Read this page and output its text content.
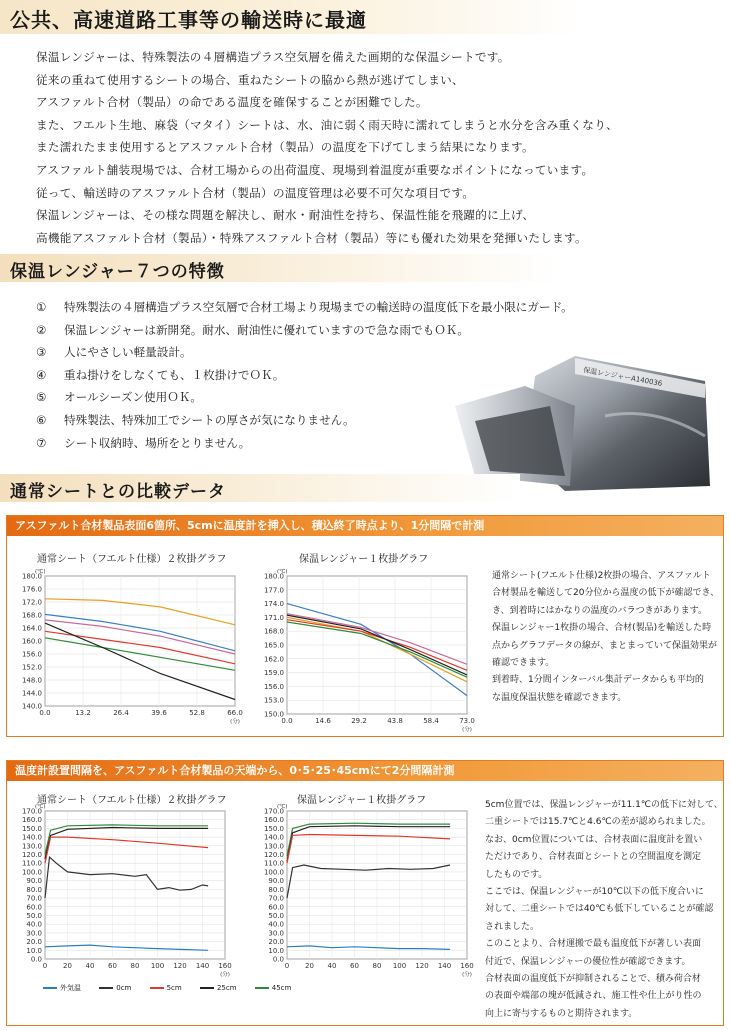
公共、高速道路工事等の輸送時に最適
保温レンジャーは、特殊製法の４層構造プラス空気層を備えた画期的な保温シートです。
従来の重ねて使用するシートの場合、重ねたシートの脇から熱が逃げてしまい、
アスファルト合材（製品）の命である温度を確保することが困難でした。
また、フエルト生地、麻袋（マタイ）シートは、水、油に弱く雨天時に濡れてしまうと水分を含み重くなり、
また濡れたまま使用するとアスファルト合材（製品）の温度を下げてしまう結果になります。
アスファルト舗装現場では、合材工場からの出荷温度、現場到着温度が重要なポイントになっています。
従って、輸送時のアスファルト合材（製品）の温度管理は必要不可欠な項目です。
保温レンジャーは、その様な問題を解決し、耐水・耐油性を持ち、保温性能を飛躍的に上げ、
高機能アスファルト合材（製品）・特殊アスファルト合材（製品）等にも優れた効果を発揮いたします。
保温レンジャー７つの特徴
① 特殊製法の４層構造プラス空気層で合材工場より現場までの輸送時の温度低下を最小限にガード。
② 保温レンジャーは新開発。耐水、耐油性に優れていますので急な雨でもＯＫ。
③ 人にやさしい軽量設計。
④ 重ね掛けをしなくても、１枚掛けでＯＫ。
⑤ オールシーズン使用ＯＫ。
⑥ 特殊製法、特殊加工でシートの厚さが気になりません。
⑦ シート収納時、場所をとりません。
保温レンジャーA140036
通常シートとの比較データ
アスファルト合材製品表面6箇所、5cmに温度計を挿入し、積込終了時点より、1分間隔で計測
通常シート（フエルト仕様）２枚掛グラフ	保温レンジャー１枚掛グラフ
180.0
176.0
172.0
168.0
164.0
160.0
156.0
152.0
148.0
144.0
140.0
0.0	13.2	26.4	39.6	52.8	66.0
(℃)
(分)
180.0
177.0
174.0
171.0
168.0
165.0
162.0
159.0
156.0
153.0
150.0
0.0	14.6	29.2	43.8	58.4	73.0
(℃)
(分)
通常シート(フエルト仕様)2枚掛の場合、アスファルト
合材製品を輸送して20分位から温度の低下が確認でき、
き、到着時にはかなりの温度のバラつきがあります。
保温レンジャー1枚掛の場合、合材(製品)を輸送した時
点からグラフデータの線が、まとまっていて保温効果が
確認できます。
到着時、1分間インターバル集計データからも平均的
な温度保温状態を確認できます。
温度計設置間隔を、アスファルト合材製品の天端から、0･5･25･45cmにて2分間隔計測
通常シート（フエルト仕様）２枚掛グラフ	保温レンジャー１枚掛グラフ
170.0
160.0
150.0
140.0
130.0
120.0
110.0
100.0
90.0
80.0
70.0
60.0
50.0
40.0
30.0
20.0
10.0
0.0
0 20 40 60 80 100 120 140 160
(℃)
(分)
170.0
160.0
150.0
140.0
130.0
120.0
110.0
100.0
90.0
80.0
70.0
60.0
50.0
40.0
30.0
20.0
10.0
0.0
0 20 40 60 80 100 120 140 160
(℃)
(分)
外気温	0cm	5cm	25cm	45cm
5cm位置では、保温レンジャーが11.1℃の低下に対して、
二重シートでは15.7℃と4.6℃の差が認められました。
なお、0cm位置については、合材表面に温度計を置い
ただけであり、合材表面とシートとの空間温度を測定
したものです。
ここでは、保温レンジャーが10℃以下の低下度合いに
対して、二重シートでは40℃も低下していることが確認
されました。
このことより、合材運搬で最も温度低下が著しい表面
付近で、保温レンジャーの優位性が確認できます。
合材表面の温度低下が抑制されることで、積み荷合材
の表面や端部の塊が低減され、施工性や仕上がり性の
向上に寄与するものと期待されます。
